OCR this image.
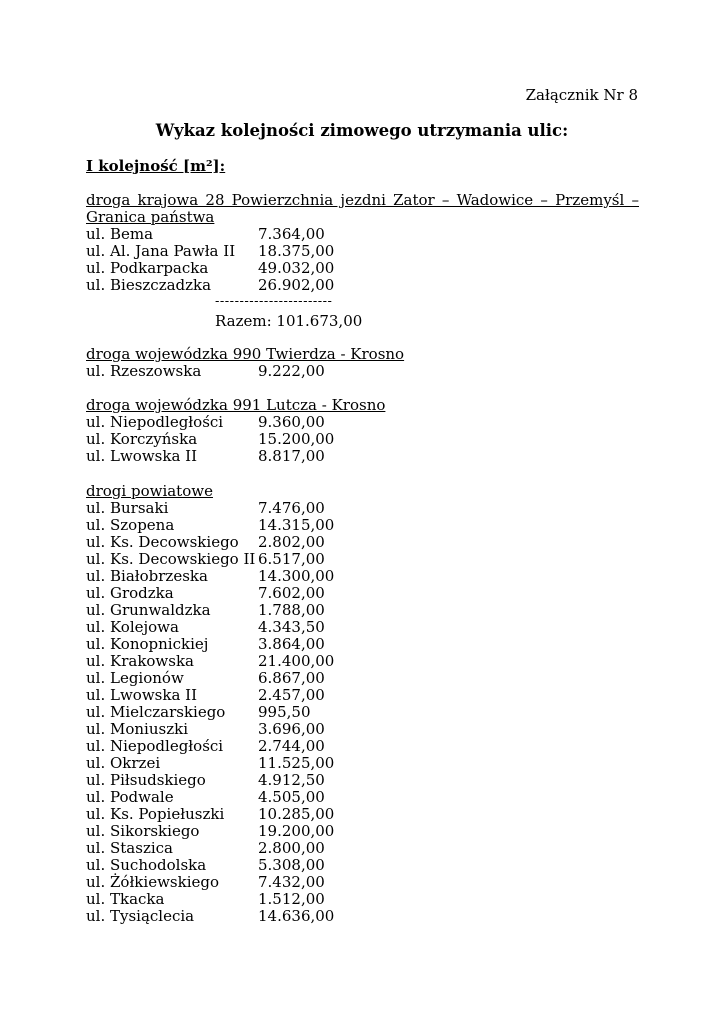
Załącznik Nr 8
Wykaz kolejności zimowego utrzymania ulic:
I kolejność [m²]:
droga krajowa 28 Powierzchnia jezdni Zator – Wadowice – Przemyśl – Granica państwa
ul. Bema	7.364,00
ul. Al. Jana Pawła II 18.375,00
ul. Podkarpacka	49.032,00
ul. Bieszczadzka	26.902,00
------------------------
Razem: 101.673,00
droga wojewódzka 990 Twierdza - Krosno
ul. Rzeszowska	9.222,00
droga wojewódzka 991 Lutcza - Krosno
ul. Niepodległości 9.360,00
ul. Korczyńska	15.200,00
ul. Lwowska II	8.817,00
drogi powiatowe
ul. Bursaki	7.476,00
ul. Szopena	14.315,00
ul. Ks. Decowskiego 2.802,00
ul. Ks. Decowskiego II 6.517,00
ul. Białobrzeska	14.300,00
ul. Grodzka	7.602,00
ul. Grunwaldzka	1.788,00
ul. Kolejowa	4.343,50
ul. Konopnickiej	3.864,00
ul. Krakowska	21.400,00
ul. Legionów	6.867,00
ul. Lwowska II	2.457,00
ul. Mielczarskiego 995,50
ul. Moniuszki	3.696,00
ul. Niepodległości 2.744,00
ul. Okrzei	11.525,00
ul. Piłsudskiego	4.912,50
ul. Podwale	4.505,00
ul. Ks. Popiełuszki 10.285,00
ul. Sikorskiego	19.200,00
ul. Staszica	2.800,00
ul. Suchodolska	5.308,00
ul. Żółkiewskiego	7.432,00
ul. Tkacka	1.512,00
ul. Tysiąclecia	14.636,00
